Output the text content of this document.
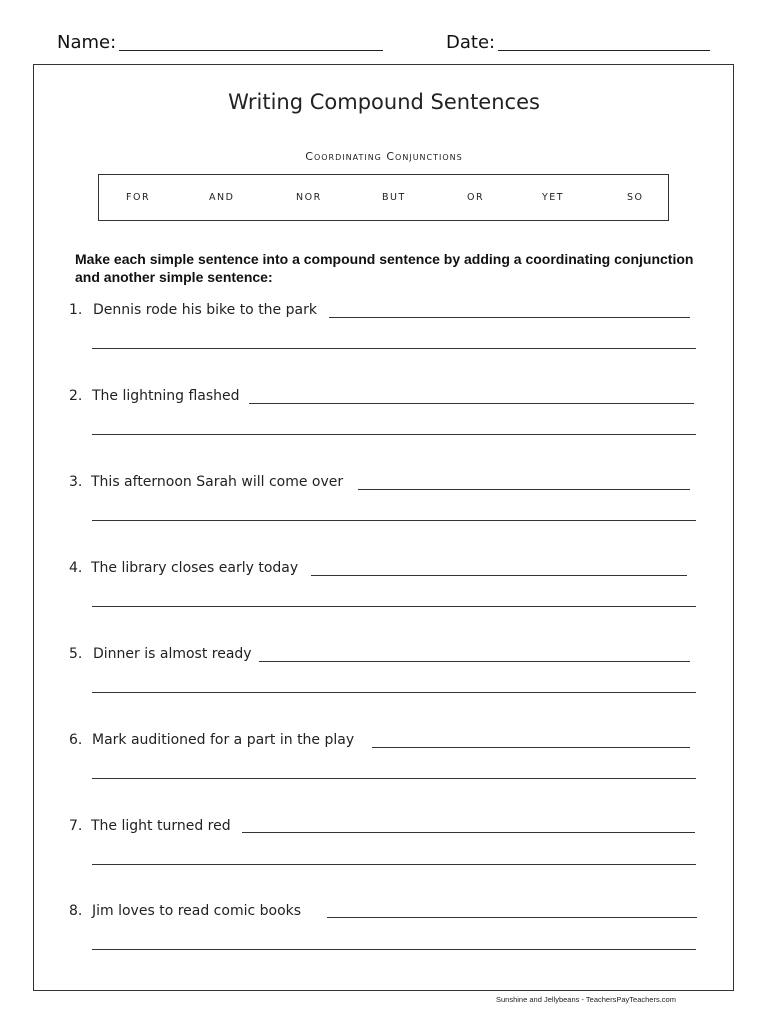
Name:	Date:
Writing Compound Sentences
Coordinating Conjunctions
FOR	AND	NOR	BUT	OR	YET	SO
Make each simple sentence into a compound sentence by adding a coordinating conjunction and another simple sentence:
1. Dennis rode his bike to the park
2. The lightning flashed
3. This afternoon Sarah will come over
4. The library closes early today
5. Dinner is almost ready
6. Mark auditioned for a part in the play
7. The light turned red
8. Jim loves to read comic books
Sunshine and Jellybeans - TeachersPayTeachers.com
